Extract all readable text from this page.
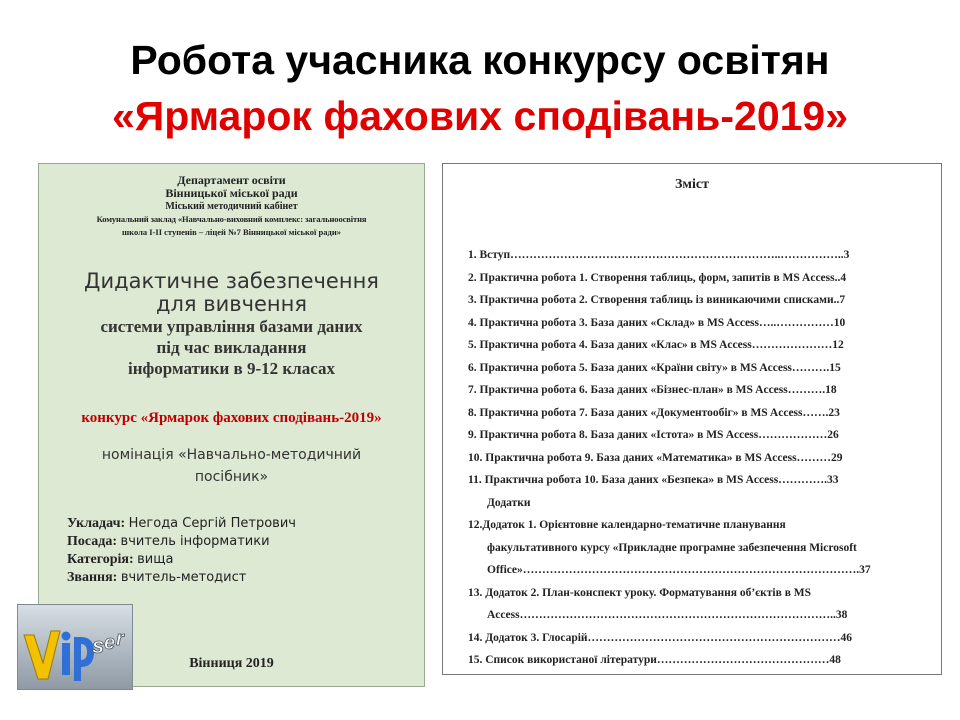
Робота учасника конкурсу освітян
«Ярмарок фахових сподівань-2019»
Департамент освіти
Вінницької міської ради
Міський методичний кабінет
Комунальний заклад «Навчально-виховний комплекс: загальноосвітня
школа I-II ступенів – ліцей №7 Вінницької міської ради»
Дидактичне забезпечення
для вивчення
системи управління базами даних
під час викладання
інформатики в 9-12 класах
конкурс «Ярмарок фахових сподівань-2019»
номінація «Навчально-методичний
посібник»
Укладач: Негода Сергій Петрович
Посада: вчитель інформатики
Категорія: вища
Звання: вчитель-методист
Вінниця 2019
s e r
Зміст
1. Вступ……………………………………………………………..……………..3
2. Практична робота 1. Створення таблиць, форм, запитів в MS Access..4
3. Практична робота 2. Створення таблиць із виникаючими списками..7
4. Практична робота 3. База даних «Склад» в MS Access…..……………10
5. Практична робота 4. База даних «Клас» в MS Access…………………12
6. Практична робота 5. База даних «Країни світу» в MS Access……….15
7. Практична робота 6. База даних «Бізнес-план» в MS Access……….18
8. Практична робота 7. База даних «Документообіг» в MS Access…….23
9. Практична робота 8. База даних «Істота» в MS Access………………26
10. Практична робота 9. База даних «Математика» в MS Access………29
11. Практична робота 10. База даних «Безпека» в MS Access………….33
Додатки
12.Додаток 1. Орієнтовне календарно-тематичне планування
факультативного курсу «Прикладне програмне забезпечення Microsoft
Office»…………………………………………………………………………….37
13. Додаток 2. План-конспект уроку. Форматування об’єктів в MS
Access………………………………………………………………………..38
14. Додаток 3. Глосарій…………………………………………………………46
15. Список використаної літератури………………………………………48
